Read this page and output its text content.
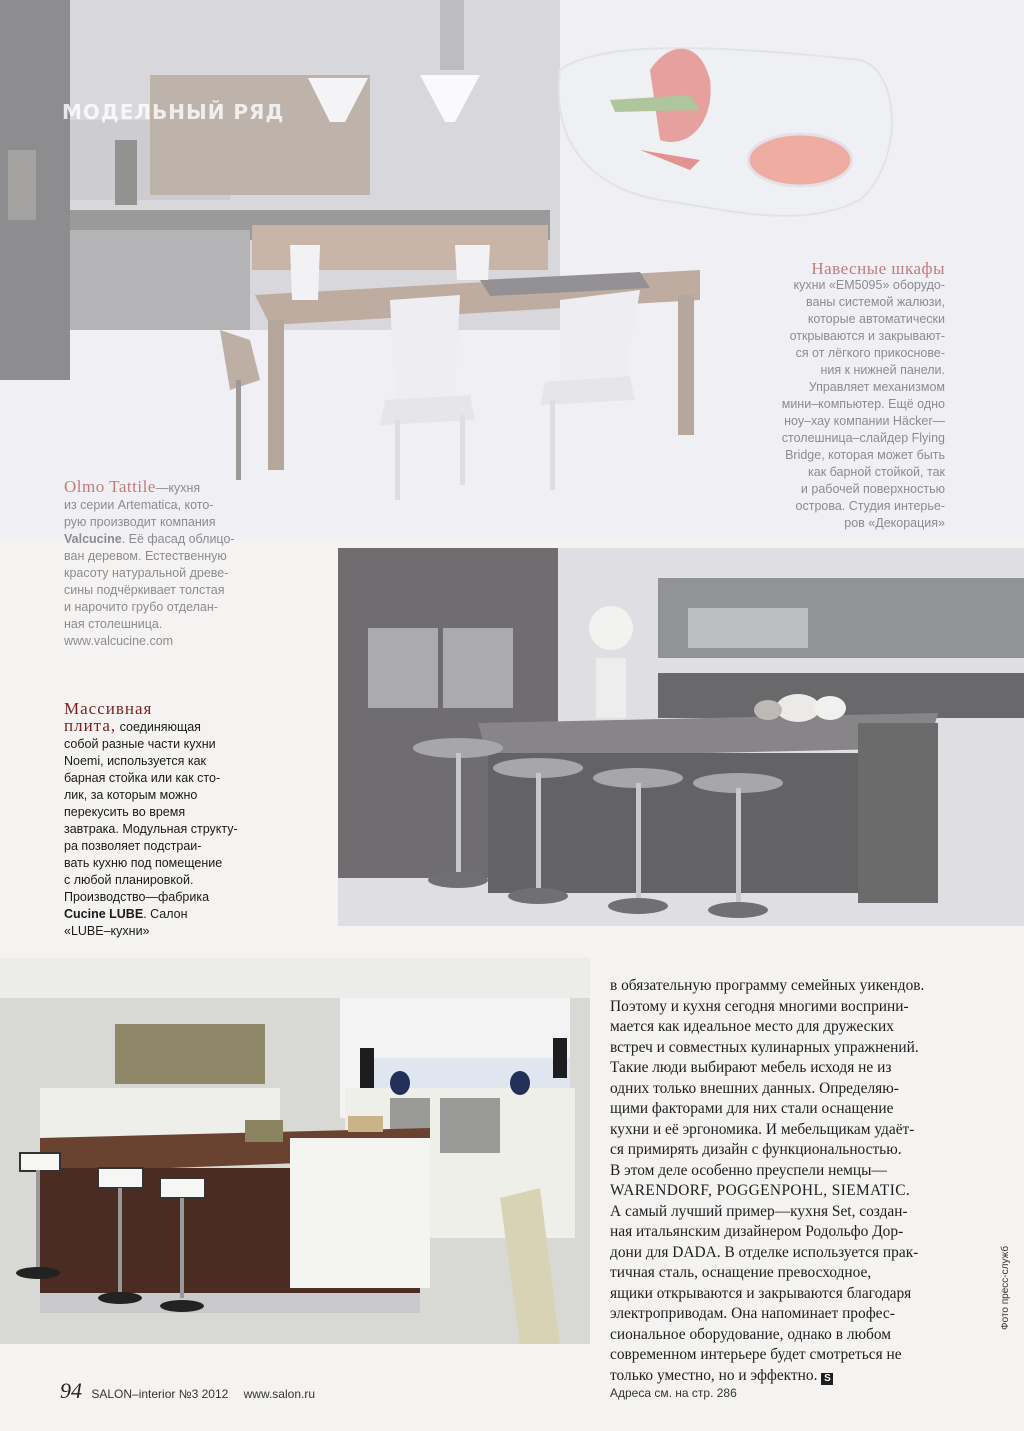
МОДЕЛЬНЫЙ РЯД

Навесные шкафы

кухни «ЕМ5095» оборудо-

ваны системой жалюзи,

которые автоматически

открываются и закрывают-

ся от лёгкого прикоснове-

ния к нижней панели.

Управляет механизмом

мини–компьютер. Ещё одно

ноу–хау компании Häcker—

столешница–слайдер Flying

Bridge, которая может быть

как барной стойкой, так

и рабочей поверхностью

острова. Студия интерье-

ров «Декорация»

Olmo Tattile—кухня

из серии Artematica, кото-

рую производит компания

Valcucine. Её фасад облицо-

ван деревом. Естественную

красоту натуральной древе-

сины подчёркивает толстая

и нарочито грубо отделан-

ная столешница.

www.valcucine.com

Массивная

плита, соединяющая

собой разные части кухни

Noemi, используется как

барная стойка или как сто-

лик, за которым можно

перекусить во время

завтрака. Модульная структу-

ра позволяет подстраи-

вать кухню под помещение

с любой планировкой.

Производство—фабрика

Cucine LUBE. Салон

«LUBE–кухни»

в обязательную программу семейных уикендов.
Поэтому и кухня сегодня многими восприни-
мается как идеальное место для дружеских
встреч и совместных кулинарных упражнений.
Такие люди выбирают мебель исходя не из
одних только внешних данных. Определяю-
щими факторами для них стали оснащение
кухни и её эргономика. И мебельщикам удаёт-
ся примирять дизайн с функциональностью.
В этом деле особенно преуспели немцы—
WARENDORF, POGGENPOHL, SIEMATIC.
А самый лучший пример—кухня Set, создан-
ная итальянским дизайнером Родольфо Дор-
дони для DADA. В отделке используется прак-
тичная сталь, оснащение превосходное,
ящики открываются и закрываются благодаря
электроприводам. Она напоминает профес-
сиональное оборудование, однако в любом
современном интерьере будет смотреться не
только уместно, но и эффектно. S
Фото пресс-служб
94 SALON–interior №3 2012 www.salon.ru	Адреса см. на стр. 286
